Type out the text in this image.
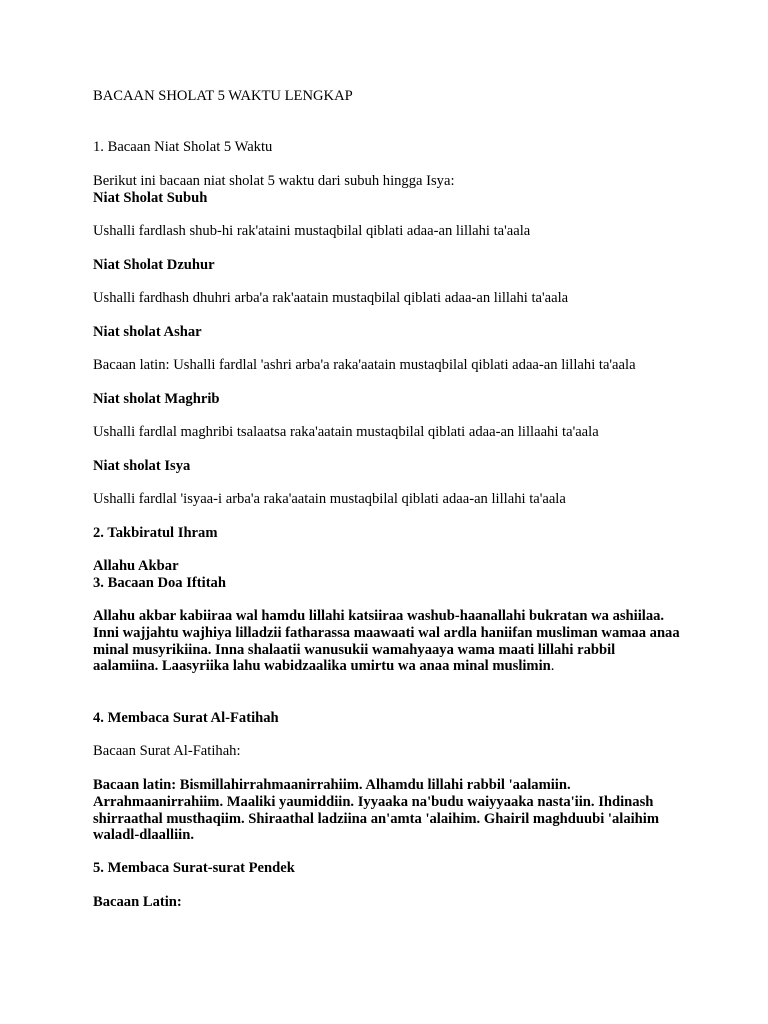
BACAAN SHOLAT 5 WAKTU LENGKAP

1. Bacaan Niat Sholat 5 Waktu

Berikut ini bacaan niat sholat 5 waktu dari subuh hingga Isya:

Niat Sholat Subuh

Ushalli fardlash shub-hi rak'ataini mustaqbilal qiblati adaa-an lillahi ta'aala

Niat Sholat Dzuhur

Ushalli fardhash dhuhri arba'a rak'aatain mustaqbilal qiblati adaa-an lillahi ta'aala

Niat sholat Ashar

Bacaan latin: Ushalli fardlal 'ashri arba'a raka'aatain mustaqbilal qiblati adaa-an lillahi ta'aala

Niat sholat Maghrib

Ushalli fardlal maghribi tsalaatsa raka'aatain mustaqbilal qiblati adaa-an lillaahi ta'aala

Niat sholat Isya

Ushalli fardlal 'isyaa-i arba'a raka'aatain mustaqbilal qiblati adaa-an lillahi ta'aala

2. Takbiratul Ihram

Allahu Akbar

3. Bacaan Doa Iftitah

Allahu akbar kabiiraa wal hamdu lillahi katsiiraa washub-haanallahi bukratan wa ashiilaa. Inni wajjahtu wajhiya lilladzii fatharassa maawaati wal ardla haniifan musliman wamaa anaa minal musyrikiina. Inna shalaatii wanusukii wamahyaaya wama maati lillahi rabbil aalamiina. Laasyriika lahu wabidzaalika umirtu wa anaa minal muslimin.

4. Membaca Surat Al-Fatihah

Bacaan Surat Al-Fatihah:

Bacaan latin: Bismillahirrahmaanirrahiim. Alhamdu lillahi rabbil 'aalamiin. Arrahmaanirrahiim. Maaliki yaumiddiin. Iyyaaka na'budu waiyyaaka nasta'iin. Ihdinash shirraathal musthaqiim. Shiraathal ladziina an'amta 'alaihim. Ghairil maghduubi 'alaihim waladl-dlaalliin.

5. Membaca Surat-surat Pendek

Bacaan Latin:
